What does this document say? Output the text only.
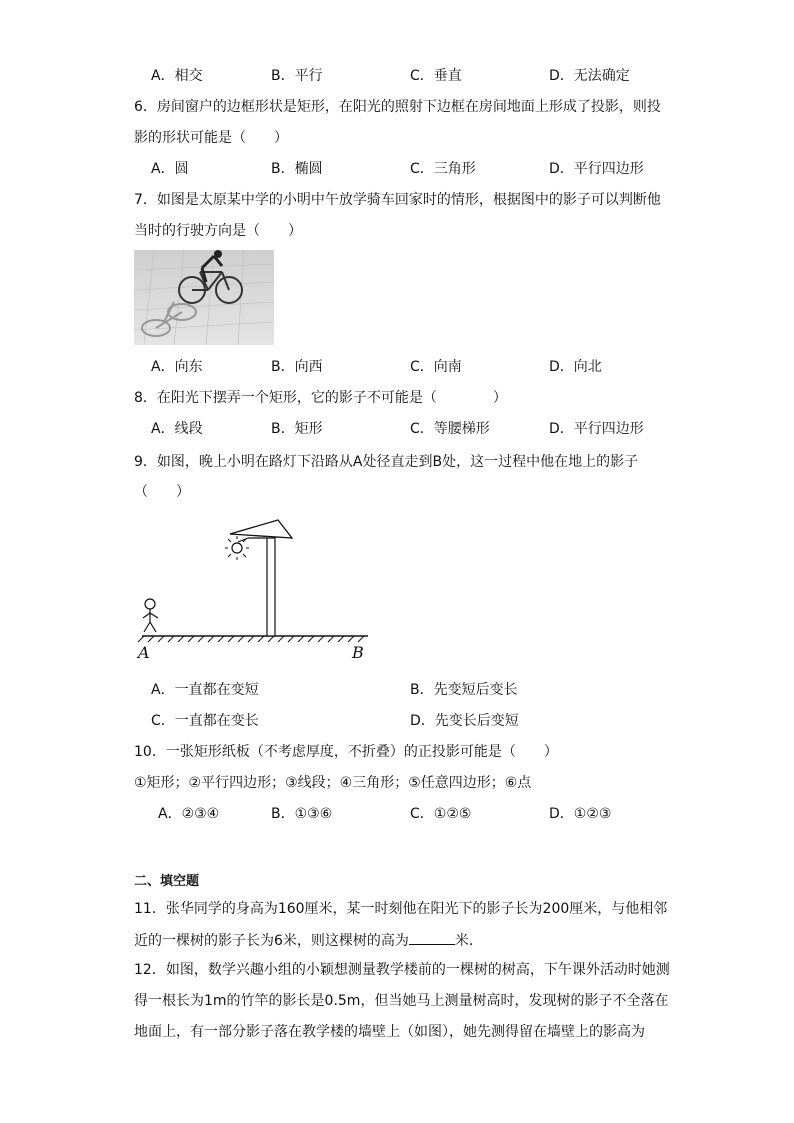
A．相交	B．平行	C．垂直	D．无法确定
6．房间窗户的边框形状是矩形，在阳光的照射下边框在房间地面上形成了投影，则投
影的形状可能是（　　）
A．圆	B．椭圆	C．三角形	D．平行四边形
7．如图是太原某中学的小明中午放学骑车回家时的情形，根据图中的影子可以判断他
当时的行驶方向是（　　）
A．向东	B．向西	C．向南	D．向北
8．在阳光下摆弄一个矩形，它的影子不可能是（　　　　）
A．线段	B．矩形	C．等腰梯形	D．平行四边形
9．如图，晚上小明在路灯下沿路从A处径直走到B处，这一过程中他在地上的影子
（　　）
A	B
A．一直都在变短	B．先变短后变长
C．一直都在变长	D．先变长后变短
10．一张矩形纸板（不考虑厚度，不折叠）的正投影可能是（　　）
①矩形；②平行四边形；③线段；④三角形；⑤任意四边形；⑥点
A．②③④	B．①③⑥	C．①②⑤	D．①②③
二、填空题
11．张华同学的身高为160厘米，某一时刻他在阳光下的影子长为200厘米，与他相邻
近的一棵树的影子长为6米，则这棵树的高为	米．
12．如图，数学兴趣小组的小颖想测量教学楼前的一棵树的树高，下午课外活动时她测
得一根长为1m的竹竿的影长是0.5m，但当她马上测量树高时，发现树的影子不全落在
地面上，有一部分影子落在教学楼的墙壁上（如图），她先测得留在墙壁上的影高为
